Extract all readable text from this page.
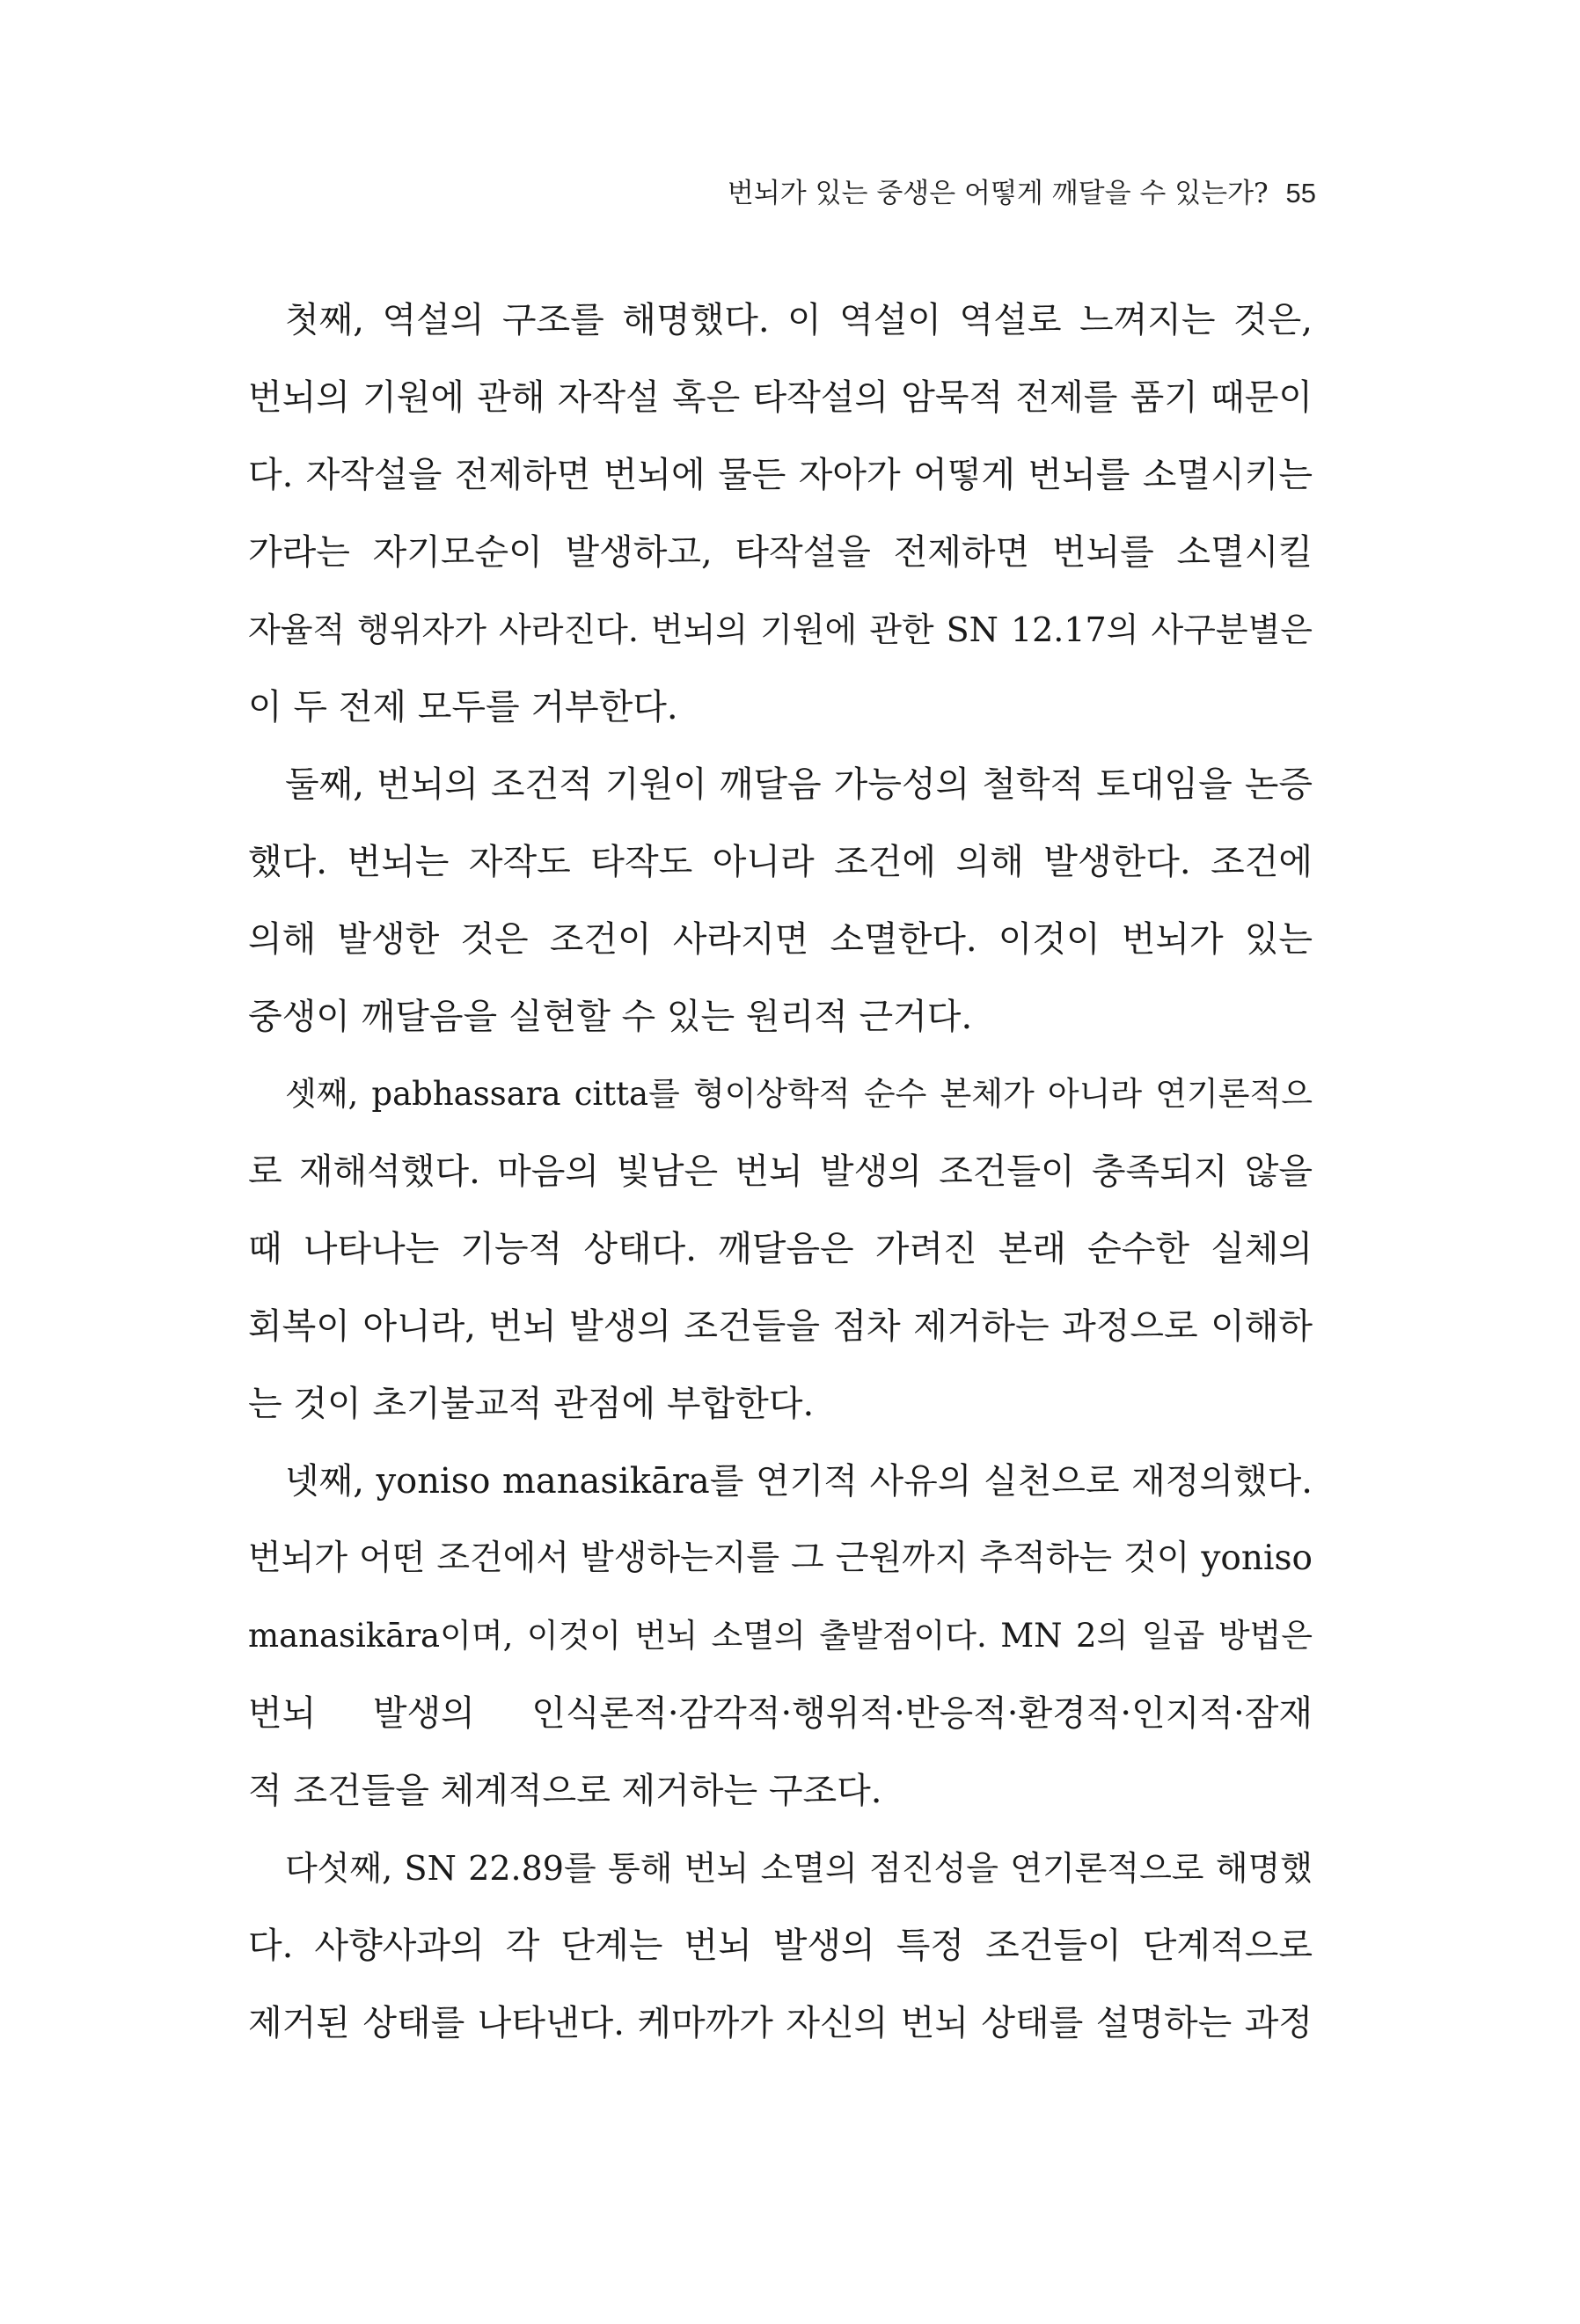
번뇌가 있는 중생은 어떻게 깨달을 수 있는가? 55
첫째, 역설의 구조를 해명했다. 이 역설이 역설로 느껴지는 것은,
번뇌의 기원에 관해 자작설 혹은 타작설의 암묵적 전제를 품기 때문이
다. 자작설을 전제하면 번뇌에 물든 자아가 어떻게 번뇌를 소멸시키는
가라는 자기모순이 발생하고, 타작설을 전제하면 번뇌를 소멸시킬
자율적 행위자가 사라진다. 번뇌의 기원에 관한 SN 12.17의 사구분별은
이 두 전제 모두를 거부한다.
둘째, 번뇌의 조건적 기원이 깨달음 가능성의 철학적 토대임을 논증
했다. 번뇌는 자작도 타작도 아니라 조건에 의해 발생한다. 조건에
의해 발생한 것은 조건이 사라지면 소멸한다. 이것이 번뇌가 있는
중생이 깨달음을 실현할 수 있는 원리적 근거다.
셋째, pabhassara citta를 형이상학적 순수 본체가 아니라 연기론적으
로 재해석했다. 마음의 빛남은 번뇌 발생의 조건들이 충족되지 않을
때 나타나는 기능적 상태다. 깨달음은 가려진 본래 순수한 실체의
회복이 아니라, 번뇌 발생의 조건들을 점차 제거하는 과정으로 이해하
는 것이 초기불교적 관점에 부합한다.
넷째, yoniso manasikāra를 연기적 사유의 실천으로 재정의했다.
번뇌가 어떤 조건에서 발생하는지를 그 근원까지 추적하는 것이 yoniso
manasikāra이며, 이것이 번뇌 소멸의 출발점이다. MN 2의 일곱 방법은
번뇌 발생의 인식론적·감각적·행위적·반응적·환경적·인지적·잠재
적 조건들을 체계적으로 제거하는 구조다.
다섯째, SN 22.89를 통해 번뇌 소멸의 점진성을 연기론적으로 해명했
다. 사향사과의 각 단계는 번뇌 발생의 특정 조건들이 단계적으로
제거된 상태를 나타낸다. 케마까가 자신의 번뇌 상태를 설명하는 과정
